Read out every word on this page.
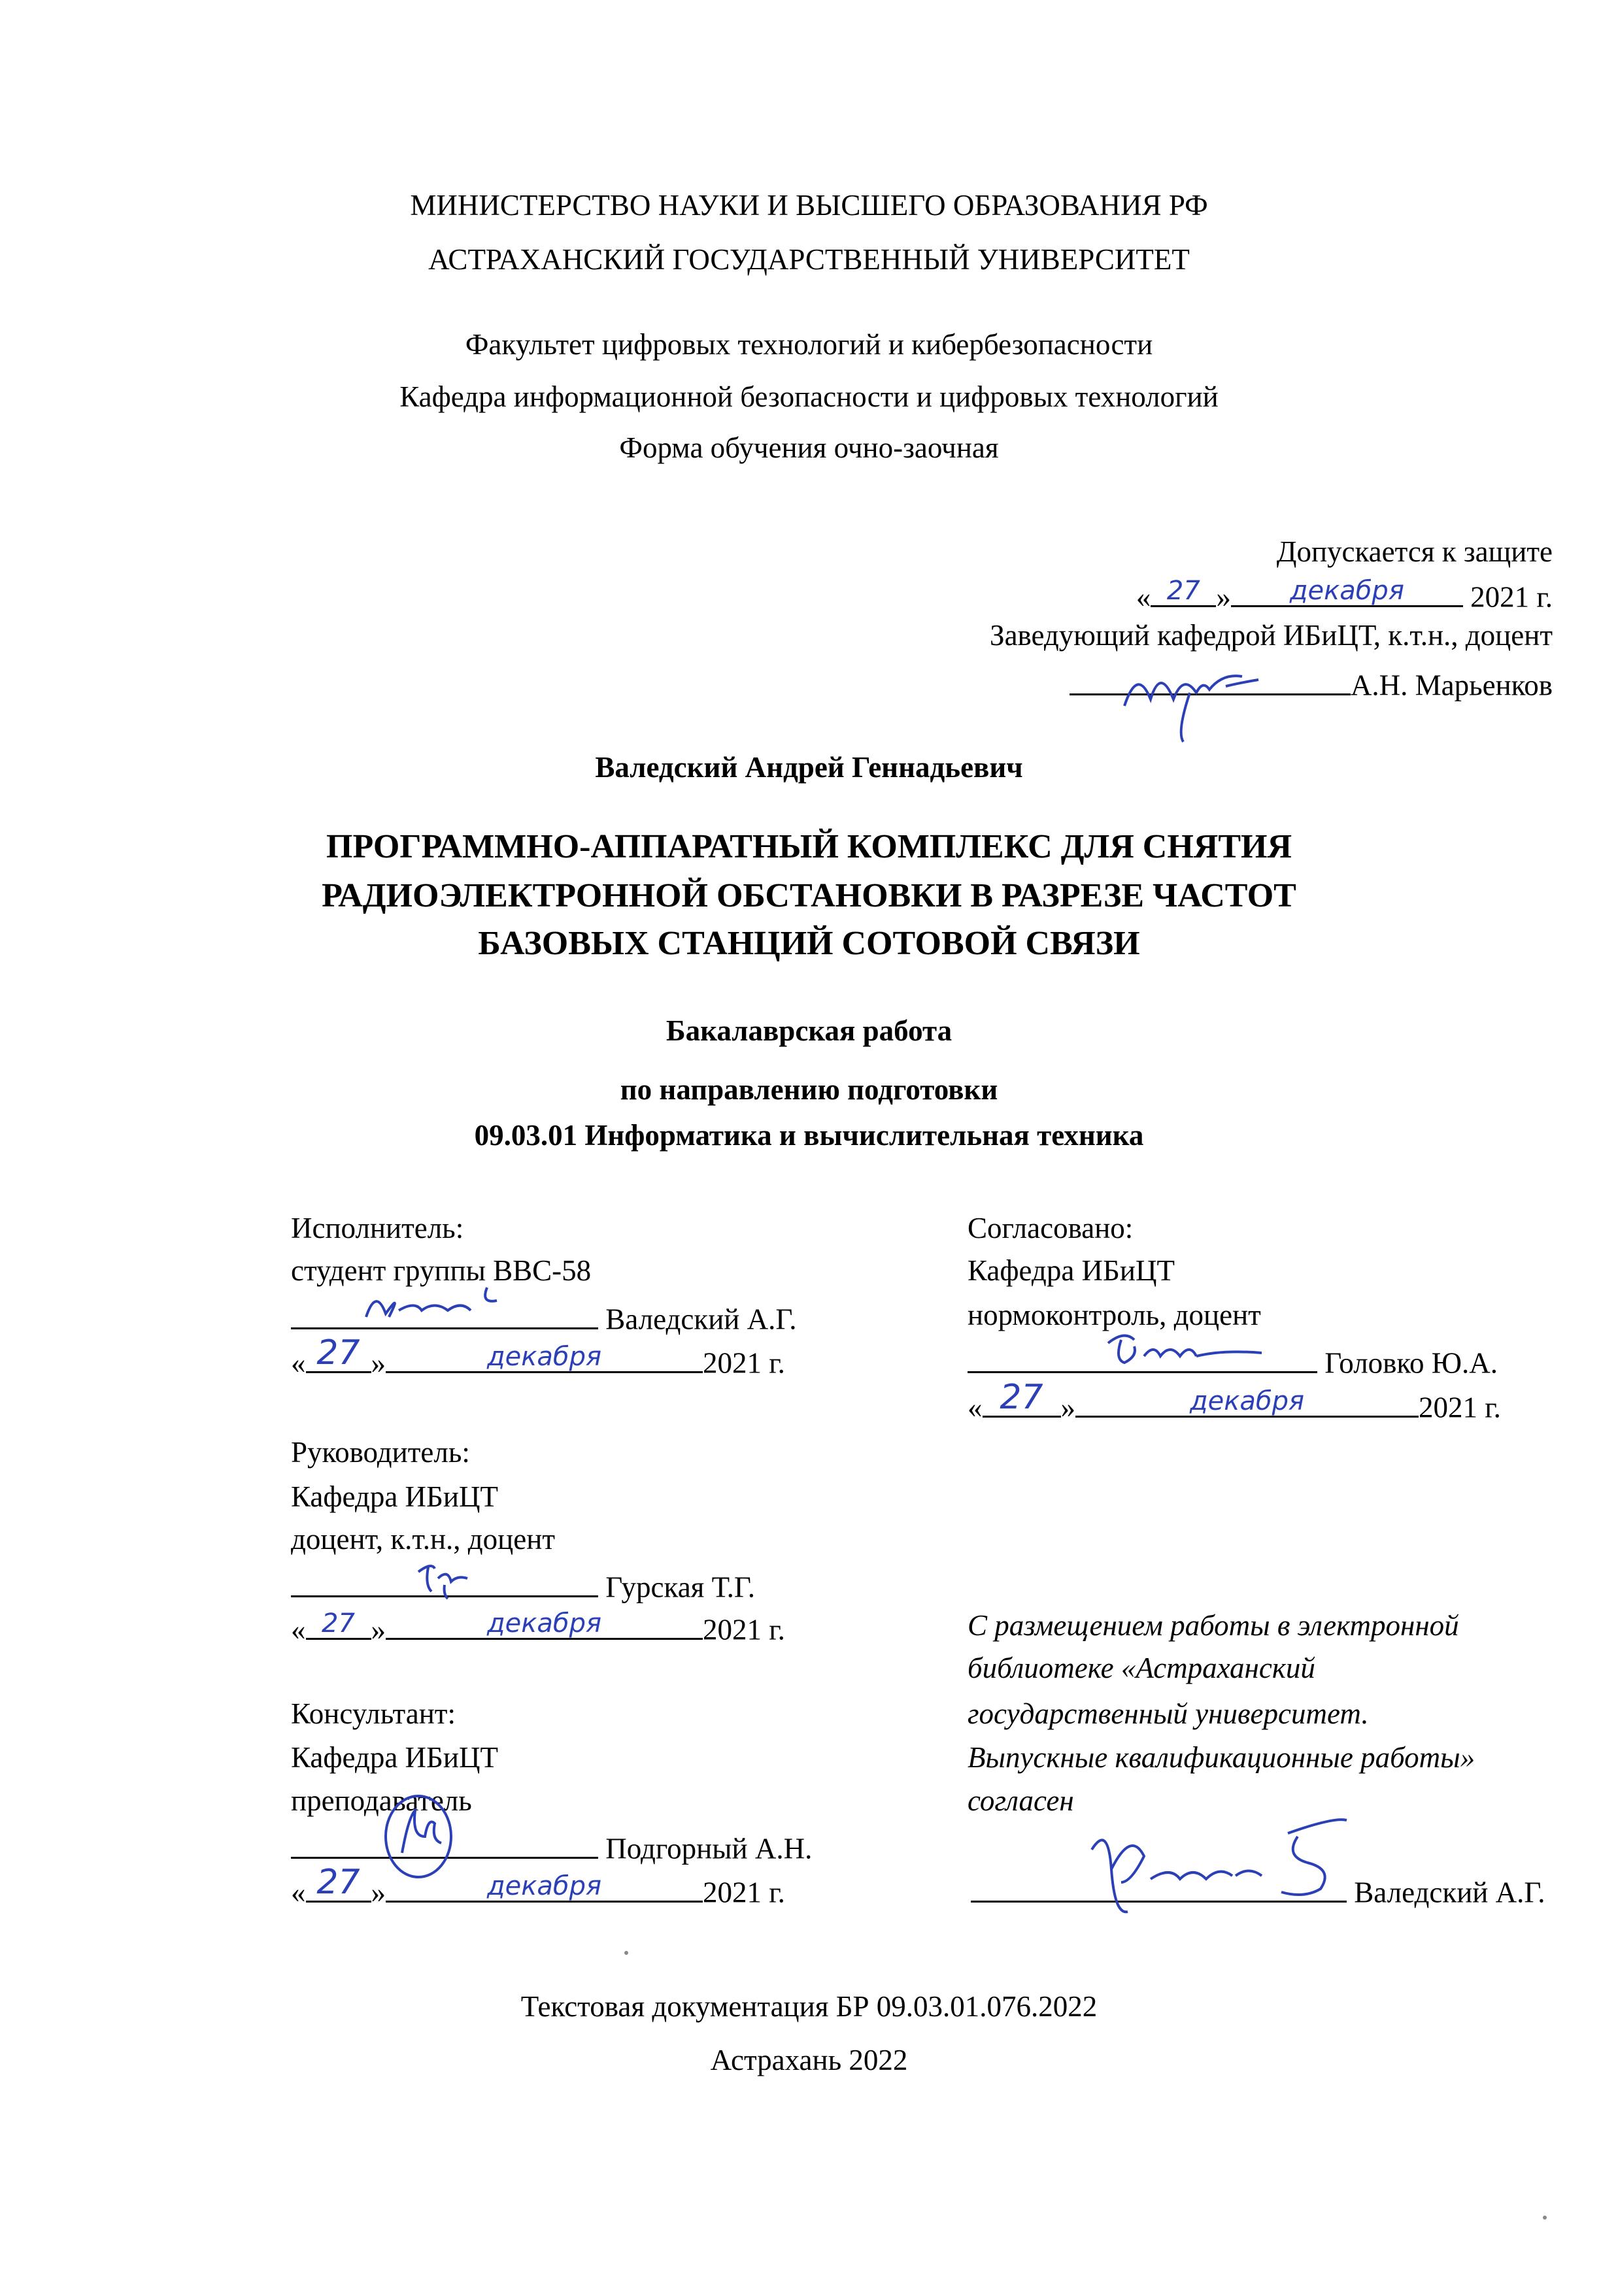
МИНИСТЕРСТВО НАУКИ И ВЫСШЕГО ОБРАЗОВАНИЯ РФ
АСТРАХАНСКИЙ ГОСУДАРСТВЕННЫЙ УНИВЕРСИТЕТ
Факультет цифровых технологий и кибербезопасности
Кафедра информационной безопасности и цифровых технологий
Форма обучения очно-заочная
Допускается к защите
« 27 »	декабря	2021 г.
Заведующий кафедрой ИБиЦТ, к.т.н., доцент
А.Н. Марьенков
Валедский Андрей Геннадьевич
ПРОГРАММНО-АППАРАТНЫЙ КОМПЛЕКС ДЛЯ СНЯТИЯ
РАДИОЭЛЕКТРОННОЙ ОБСТАНОВКИ В РАЗРЕЗЕ ЧАСТОТ
БАЗОВЫХ СТАНЦИЙ СОТОВОЙ СВЯЗИ
Бакалаврская работа
по направлению подготовки
09.03.01 Информатика и вычислительная техника
Исполнитель:
студент группы ВВС-58
Валедский А.Г.
« 27 »	декабря	2021 г.
Руководитель:
Кафедра ИБиЦТ
доцент, к.т.н., доцент
Гурская Т.Г.
« 27 »	декабря	2021 г.
Консультант:
Кафедра ИБиЦТ
преподаватель
Подгорный А.Н.
« 27 »	декабря	2021 г.
Согласовано:
Кафедра ИБиЦТ
нормоконтроль, доцент
Головко Ю.А.
« 27 »	декабря	2021 г.
С размещением работы в электронной
библиотеке «Астраханский
государственный университет.
Выпускные квалификационные работы»
согласен
Валедский А.Г.
Текстовая документация БР 09.03.01.076.2022
Астрахань 2022
